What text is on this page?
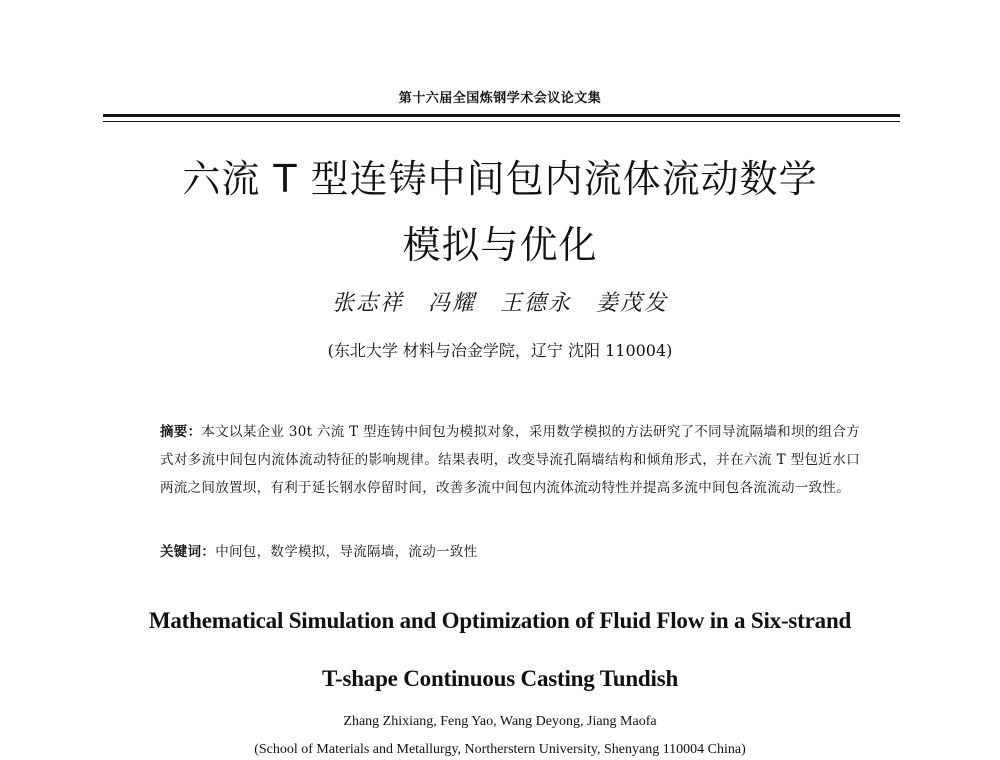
第十六届全国炼钢学术会议论文集
六流 T 型连铸中间包内流体流动数学
模拟与优化
张志祥　冯耀　王德永　姜茂发
(东北大学 材料与冶金学院，辽宁 沈阳 110004)
摘要：本文以某企业 30t 六流 T 型连铸中间包为模拟对象，采用数学模拟的方法研究了不同导流隔墙和坝的组合方式对多流中间包内流体流动特征的影响规律。结果表明，改变导流孔隔墙结构和倾角形式，并在六流 T 型包近水口两流之间放置坝，有利于延长钢水停留时间，改善多流中间包内流体流动特性并提高多流中间包各流流动一致性。
关键词：中间包，数学模拟，导流隔墙，流动一致性
Mathematical Simulation and Optimization of Fluid Flow in a Six-strand
T-shape Continuous Casting Tundish
Zhang Zhixiang, Feng Yao, Wang Deyong, Jiang Maofa
(School of Materials and Metallurgy, Northerstern University, Shenyang 110004 China)
